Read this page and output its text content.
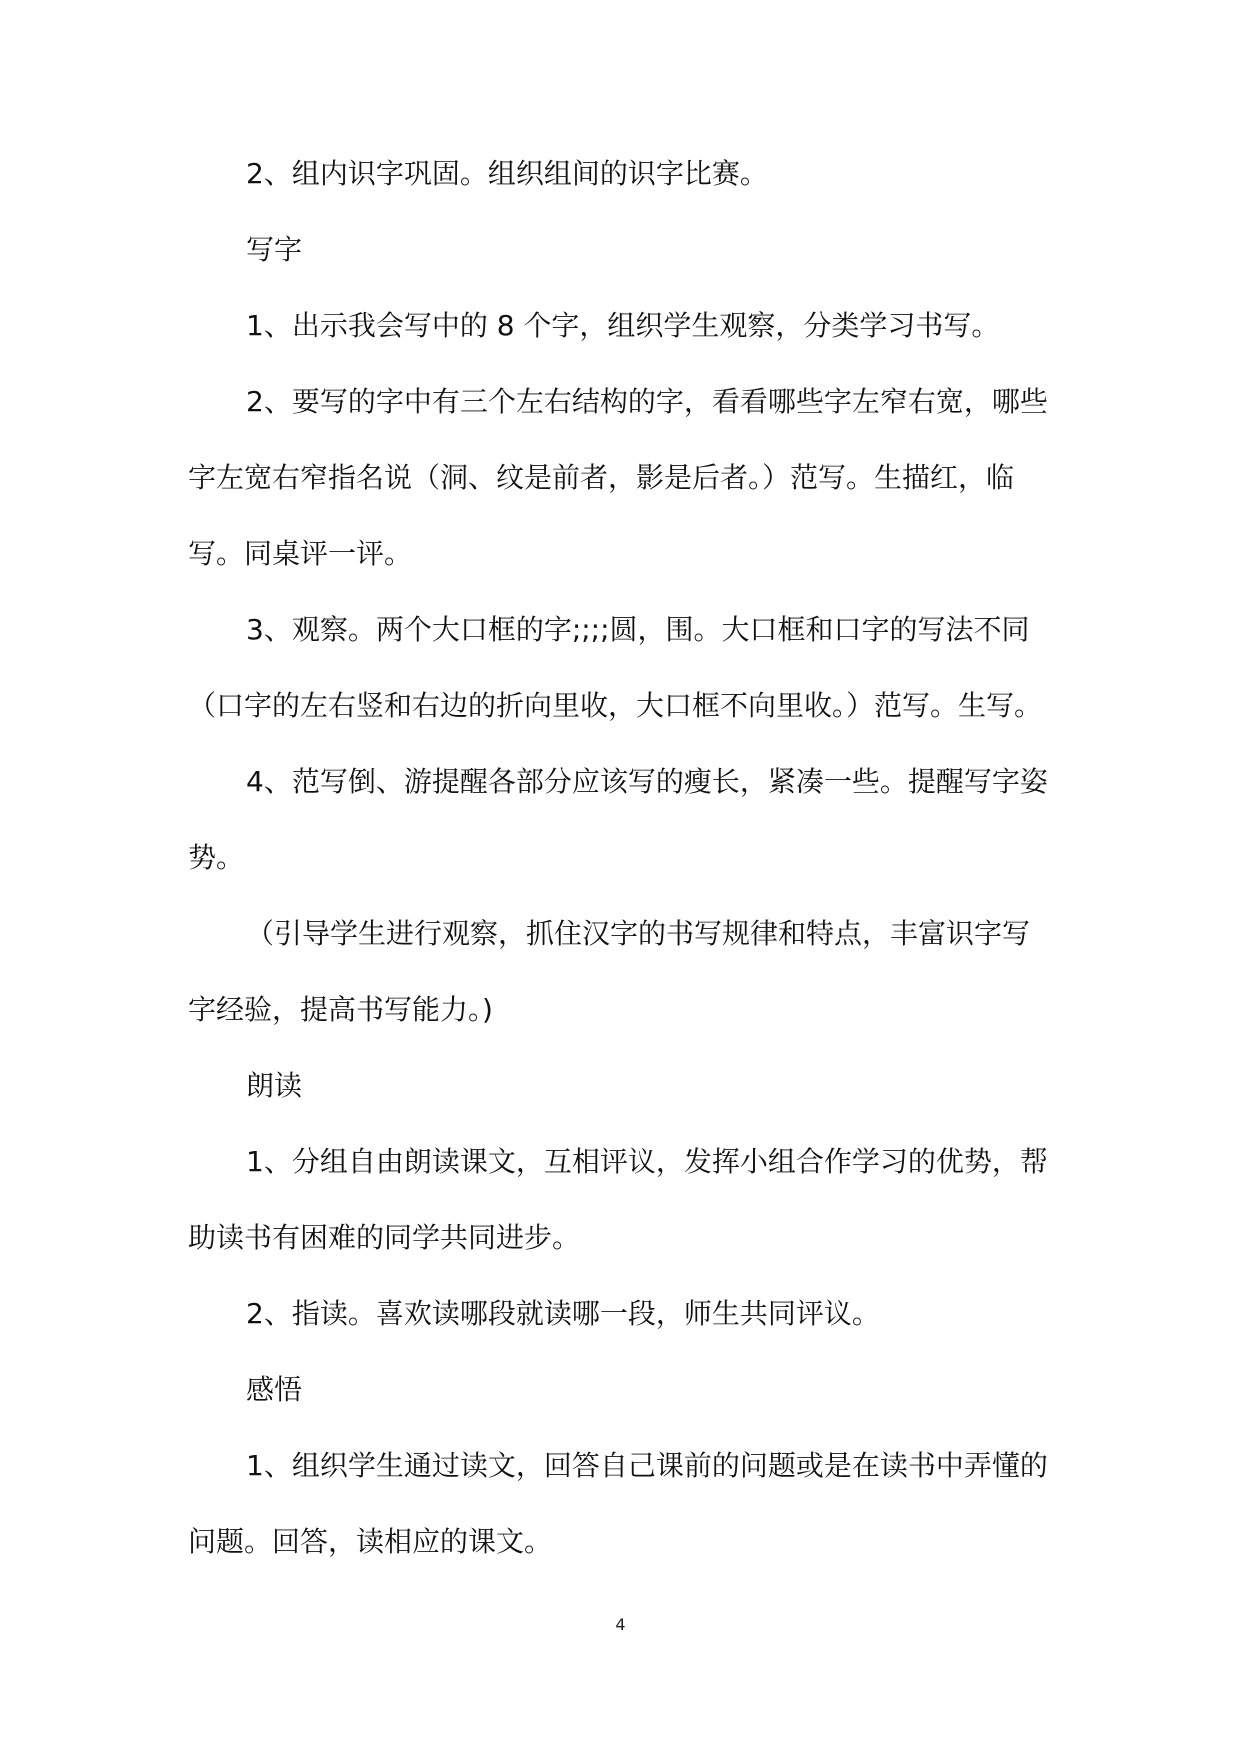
2、组内识字巩固。组织组间的识字比赛。

写字

1、出示我会写中的 8 个字，组织学生观察，分类学习书写。

2、要写的字中有三个左右结构的字，看看哪些字左窄右宽，哪些字左宽右窄指名说（洞、纹是前者，影是后者。）范写。生描红，临写。同桌评一评。

3、观察。两个大口框的字;;;;圆，围。大口框和口字的写法不同（口字的左右竖和右边的折向里收，大口框不向里收。）范写。生写。

4、范写倒、游提醒各部分应该写的瘦长，紧凑一些。提醒写字姿势。

（引导学生进行观察，抓住汉字的书写规律和特点，丰富识字写字经验，提高书写能力。)

朗读

1、分组自由朗读课文，互相评议，发挥小组合作学习的优势，帮助读书有困难的同学共同进步。

2、指读。喜欢读哪段就读哪一段，师生共同评议。

感悟

1、组织学生通过读文，回答自己课前的问题或是在读书中弄懂的问题。回答，读相应的课文。

4
